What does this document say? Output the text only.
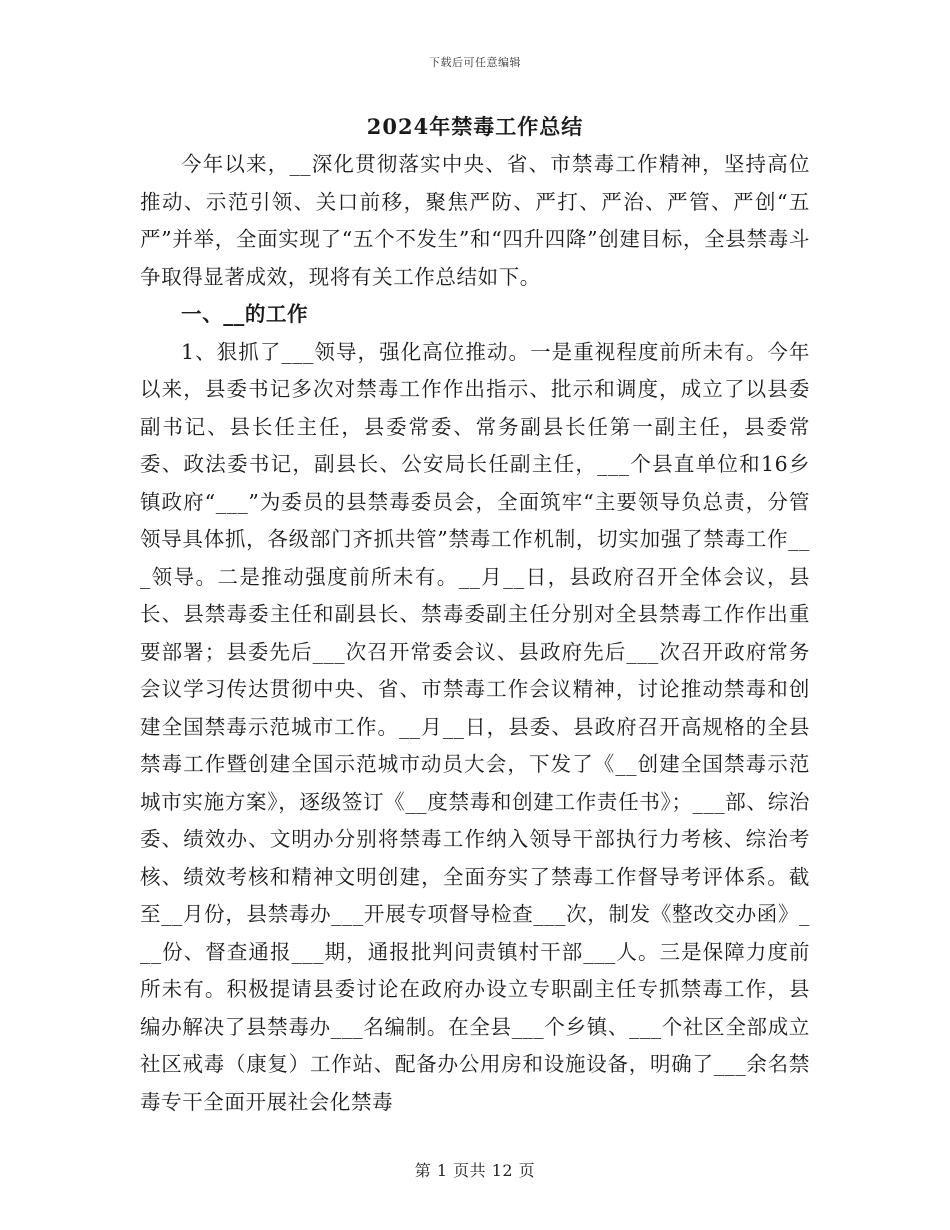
下载后可任意编辑
2024年禁毒工作总结

今年以来，__深化贯彻落实中央、省、市禁毒工作精神，坚持高位推动、示范引领、关口前移，聚焦严防、严打、严治、严管、严创“五严”并举，全面实现了“五个不发生”和“四升四降”创建目标，全县禁毒斗争取得显著成效，现将有关工作总结如下。

一、__的工作

1、狠抓了___领导，强化高位推动。一是重视程度前所未有。今年以来，县委书记多次对禁毒工作作出指示、批示和调度，成立了以县委副书记、县长任主任，县委常委、常务副县长任第一副主任，县委常委、政法委书记，副县长、公安局长任副主任，___个县直单位和16乡镇政府“___”为委员的县禁毒委员会，全面筑牢“主要领导负总责，分管领导具体抓，各级部门齐抓共管”禁毒工作机制，切实加强了禁毒工作___领导。二是推动强度前所未有。__月__日，县政府召开全体会议，县长、县禁毒委主任和副县长、禁毒委副主任分别对全县禁毒工作作出重要部署；县委先后___次召开常委会议、县政府先后___次召开政府常务会议学习传达贯彻中央、省、市禁毒工作会议精神，讨论推动禁毒和创建全国禁毒示范城市工作。__月__日，县委、县政府召开高规格的全县禁毒工作暨创建全国示范城市动员大会，下发了《__创建全国禁毒示范城市实施方案》，逐级签订《__度禁毒和创建工作责任书》；___部、综治委、绩效办、文明办分别将禁毒工作纳入领导干部执行力考核、综治考核、绩效考核和精神文明创建，全面夯实了禁毒工作督导考评体系。截至__月份，县禁毒办___开展专项督导检查___次，制发《整改交办函》___份、督查通报___期，通报批判问责镇村干部___人。三是保障力度前所未有。积极提请县委讨论在政府办设立专职副主任专抓禁毒工作，县编办解决了县禁毒办___名编制。在全县___个乡镇、___个社区全部成立社区戒毒（康复）工作站、配备办公用房和设施设备，明确了___余名禁毒专干全面开展社会化禁毒

第 1 页共 12 页
